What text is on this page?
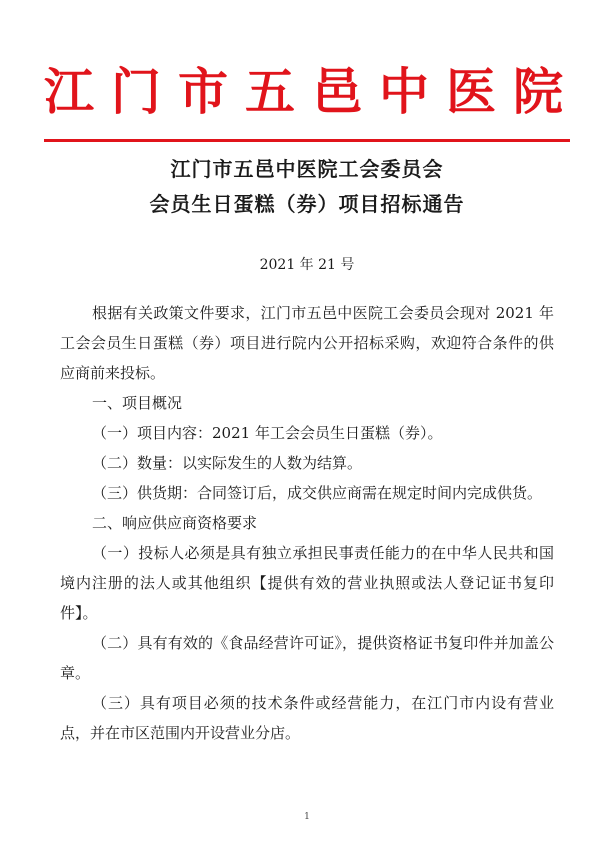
江门市五邑中医院
江门市五邑中医院工会委员会
会员生日蛋糕（券）项目招标通告
2021 年 21 号

根据有关政策文件要求，江门市五邑中医院工会委员会现对 2021 年工会会员生日蛋糕（券）项目进行院内公开招标采购，欢迎符合条件的供应商前来投标。

一、项目概况

（一）项目内容：2021 年工会会员生日蛋糕（券）。

（二）数量：以实际发生的人数为结算。

（三）供货期：合同签订后，成交供应商需在规定时间内完成供货。

二、响应供应商资格要求

（一）投标人必须是具有独立承担民事责任能力的在中华人民共和国境内注册的法人或其他组织【提供有效的营业执照或法人登记证书复印件】。

（二）具有有效的《食品经营许可证》，提供资格证书复印件并加盖公章。

（三）具有项目必须的技术条件或经营能力，在江门市内设有营业点，并在市区范围内开设营业分店。

1
